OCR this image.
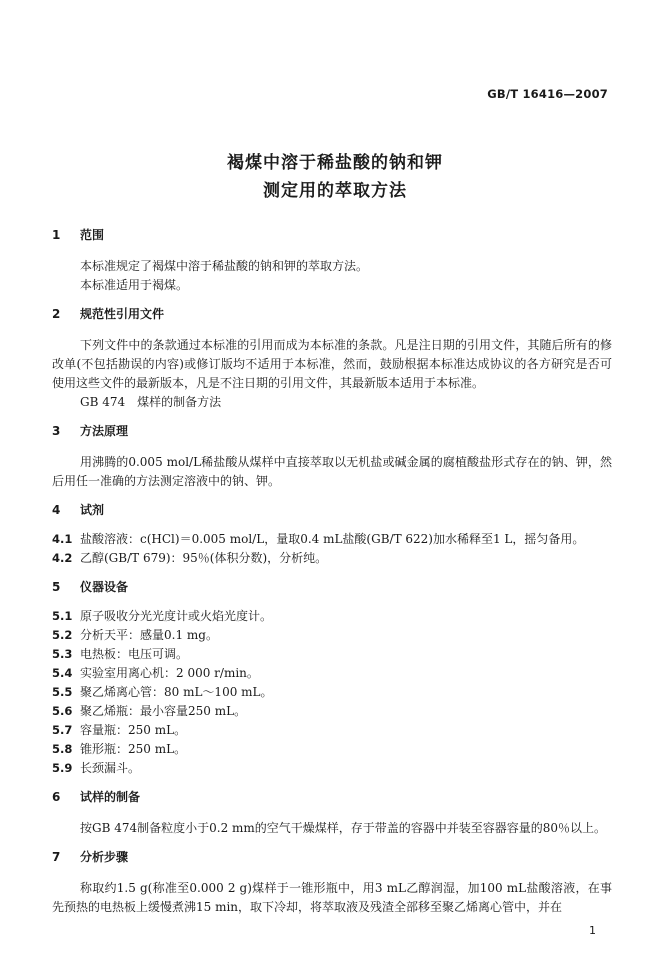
GB/T 16416—2007
褐煤中溶于稀盐酸的钠和钾
测定用的萃取方法
1	范围

本标准规定了褐煤中溶于稀盐酸的钠和钾的萃取方法。

本标准适用于褐煤。

2	规范性引用文件

下列文件中的条款通过本标准的引用而成为本标准的条款。凡是注日期的引用文件，其随后所有的修改单(不包括勘误的内容)或修订版均不适用于本标准，然而，鼓励根据本标准达成协议的各方研究是否可使用这些文件的最新版本，凡是不注日期的引用文件，其最新版本适用于本标准。

GB 474　煤样的制备方法

3	方法原理

用沸腾的0.005 mol/L稀盐酸从煤样中直接萃取以无机盐或碱金属的腐植酸盐形式存在的钠、钾，然后用任一准确的方法测定溶液中的钠、钾。

4	试剂
4.1 盐酸溶液：c(HCl)＝0.005 mol/L，量取0.4 mL盐酸(GB/T 622)加水稀释至1 L，摇匀备用。
4.2 乙醇(GB/T 679)：95％(体积分数)，分析纯。
5	仪器设备
5.1 原子吸收分光光度计或火焰光度计。
5.2 分析天平：感量0.1 mg。
5.3 电热板：电压可调。
5.4 实验室用离心机：2 000 r/min。
5.5 聚乙烯离心管：80 mL～100 mL。
5.6 聚乙烯瓶：最小容量250 mL。
5.7 容量瓶：250 mL。
5.8 锥形瓶：250 mL。
5.9 长颈漏斗。
6	试样的制备

按GB 474制备粒度小于0.2 mm的空气干燥煤样，存于带盖的容器中并装至容器容量的80％以上。

7	分析步骤

称取约1.5 g(称准至0.000 2 g)煤样于一锥形瓶中，用3 mL乙醇润湿，加100 mL盐酸溶液，在事先预热的电热板上缓慢煮沸15 min，取下冷却，将萃取液及残渣全部移至聚乙烯离心管中，并在

1
